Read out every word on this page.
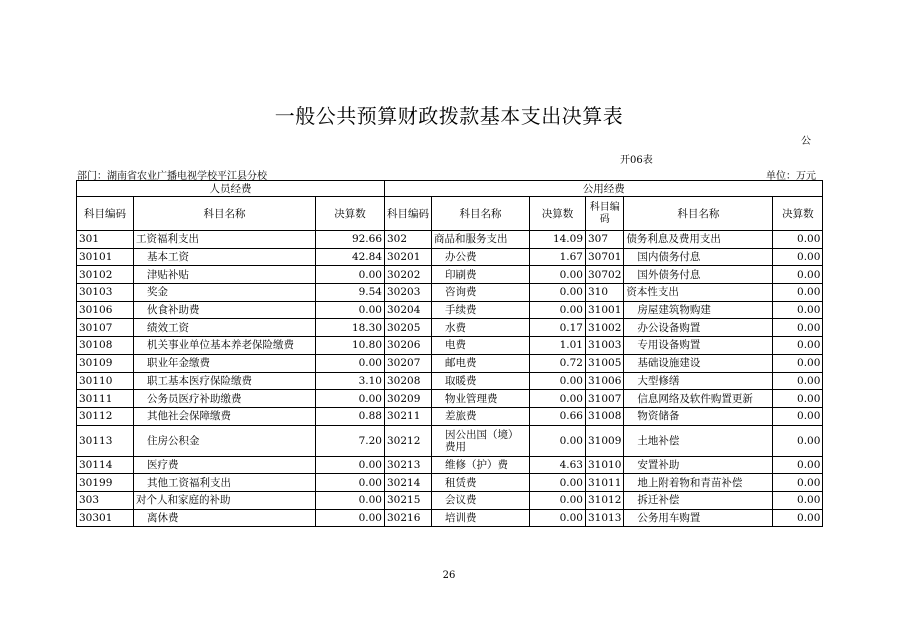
一般公共预算财政拨款基本支出决算表
公
开06表
部门：湖南省农业广播电视学校平江县分校	单位：万元
人员经费			公用经费					
科目编码	科目名称	决算数	科目编码	科目名称	决算数	科目编码	科目名称	决算数
301	工资福利支出	92.66	302	商品和服务支出	14.09	307	债务利息及费用支出	0.00
30101	基本工资	42.84	30201	办公费	1.67	30701	国内债务付息	0.00
30102	津贴补贴	0.00	30202	印刷费	0.00	30702	国外债务付息	0.00
30103	奖金	9.54	30203	咨询费	0.00	310	资本性支出	0.00
30106	伙食补助费	0.00	30204	手续费	0.00	31001	房屋建筑物购建	0.00
30107	绩效工资	18.30	30205	水费	0.17	31002	办公设备购置	0.00
30108	机关事业单位基本养老保险缴费	10.80	30206	电费	1.01	31003	专用设备购置	0.00
30109	职业年金缴费	0.00	30207	邮电费	0.72	31005	基础设施建设	0.00
30110	职工基本医疗保险缴费	3.10	30208	取暖费	0.00	31006	大型修缮	0.00
30111	公务员医疗补助缴费	0.00	30209	物业管理费	0.00	31007	信息网络及软件购置更新	0.00
30112	其他社会保障缴费	0.88	30211	差旅费	0.66	31008	物资储备	0.00
30113	住房公积金	7.20	30212	因公出国（境）费用	0.00	31009	土地补偿	0.00
30114	医疗费	0.00	30213	维修（护）费	4.63	31010	安置补助	0.00
30199	其他工资福利支出	0.00	30214	租赁费	0.00	31011	地上附着物和青苗补偿	0.00
303	对个人和家庭的补助	0.00	30215	会议费	0.00	31012	拆迁补偿	0.00
30301	离休费	0.00	30216	培训费	0.00	31013	公务用车购置	0.00
26
